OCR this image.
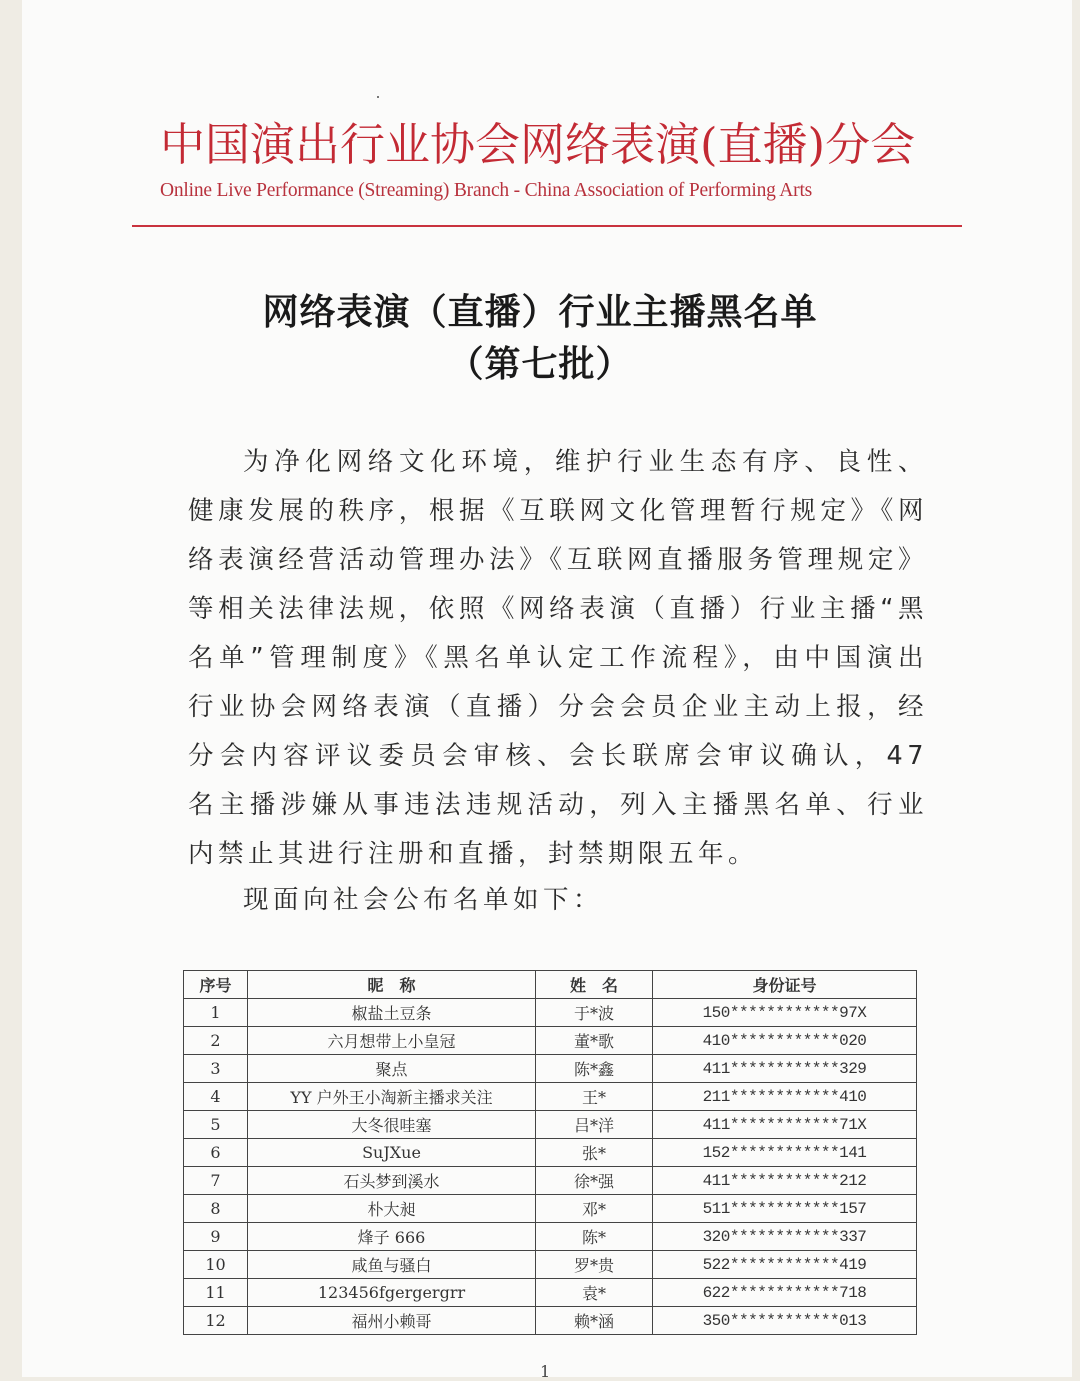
中国演出行业协会网络表演(直播)分会
Online Live Performance (Streaming) Branch - China Association of Performing Arts
网络表演（直播）行业主播黑名单
（第七批）

为净化网络文化环境，维护行业生态有序、良性、健康发展的秩序，根据《互联网文化管理暂行规定》《网络表演经营活动管理办法》《互联网直播服务管理规定》等相关法律法规，依照《网络表演（直播）行业主播“黑名单”管理制度》《黑名单认定工作流程》，由中国演出行业协会网络表演（直播）分会会员企业主动上报，经分会内容评议委员会审核、会长联席会审议确认，47 名主播涉嫌从事违法违规活动，列入主播黑名单、行业内禁止其进行注册和直播，封禁期限五年。

现面向社会公布名单如下：
序号	昵　称	姓　名	身份证号
1	椒盐土豆条	于*波	150************97X
2	六月想带上小皇冠	董*歌	410************020
3	聚点	陈*鑫	411************329
4	YY 户外王小淘新主播求关注	王*	211************410
5	大冬很哇塞	吕*洋	411************71X
6	SuJXue	张*	152************141
7	石头梦到溪水	徐*强	411************212
8	朴大昶	邓*	511************157
9	烽子 666	陈*	320************337
10	咸鱼与骚白	罗*贵	522************419
11	123456fgergergrr	袁*	622************718
12	福州小赖哥	赖*涵	350************013
1
